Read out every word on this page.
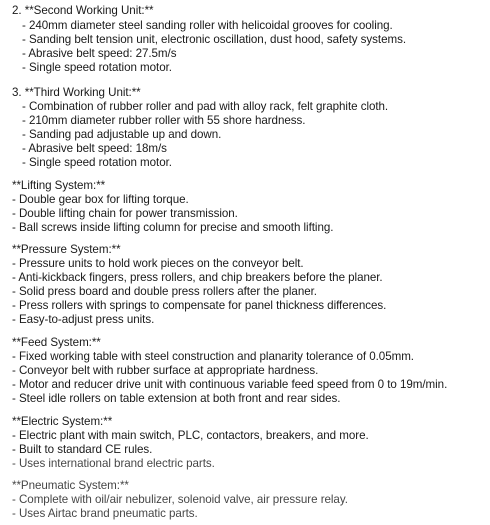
2. **Second Working Unit:**
- 240mm diameter steel sanding roller with helicoidal grooves for cooling.
- Sanding belt tension unit, electronic oscillation, dust hood, safety systems.
- Abrasive belt speed: 27.5m/s
- Single speed rotation motor.
3. **Third Working Unit:**
- Combination of rubber roller and pad with alloy rack, felt graphite cloth.
- 210mm diameter rubber roller with 55 shore hardness.
- Sanding pad adjustable up and down.
- Abrasive belt speed: 18m/s
- Single speed rotation motor.
**Lifting System:**
- Double gear box for lifting torque.
- Double lifting chain for power transmission.
- Ball screws inside lifting column for precise and smooth lifting.
**Pressure System:**
- Pressure units to hold work pieces on the conveyor belt.
- Anti-kickback fingers, press rollers, and chip breakers before the planer.
- Solid press board and double press rollers after the planer.
- Press rollers with springs to compensate for panel thickness differences.
- Easy-to-adjust press units.
**Feed System:**
- Fixed working table with steel construction and planarity tolerance of 0.05mm.
- Conveyor belt with rubber surface at appropriate hardness.
- Motor and reducer drive unit with continuous variable feed speed from 0 to 19m/min.
- Steel idle rollers on table extension at both front and rear sides.
**Electric System:**
- Electric plant with main switch, PLC, contactors, breakers, and more.
- Built to standard CE rules.
- Uses international brand electric parts.
**Pneumatic System:**
- Complete with oil/air nebulizer, solenoid valve, air pressure relay.
- Uses Airtac brand pneumatic parts.
